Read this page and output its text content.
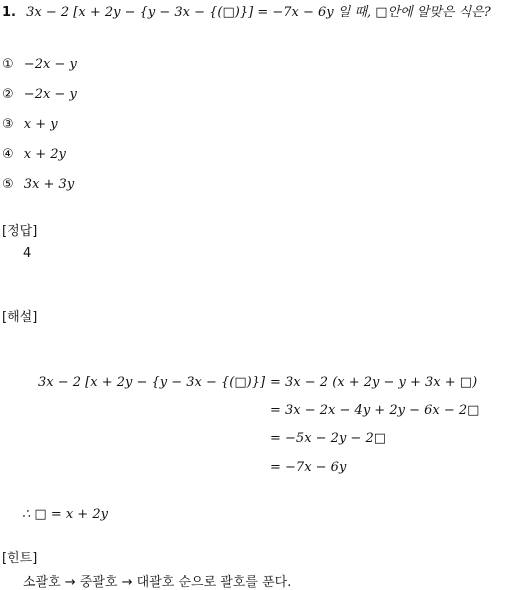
1. 3x − 2 [x + 2y − {y − 3x − {(□)}] = −7x − 6y 일 때, □안에 알맞은 식은?
① −2x − y
② −2x − y
③ x + y
④ x + 2y
⑤ 3x + 3y
[정답]
4
[해설]
3x − 2 [x + 2y − {y − 3x − {(□)}] = 3x − 2 (x + 2y − y + 3x + □)
= 3x − 2x − 4y + 2y − 6x − 2□
= −5x − 2y − 2□
= −7x − 6y
∴ □ = x + 2y
[힌트]
소괄호 → 중괄호 → 대괄호 순으로 괄호를 푼다.
